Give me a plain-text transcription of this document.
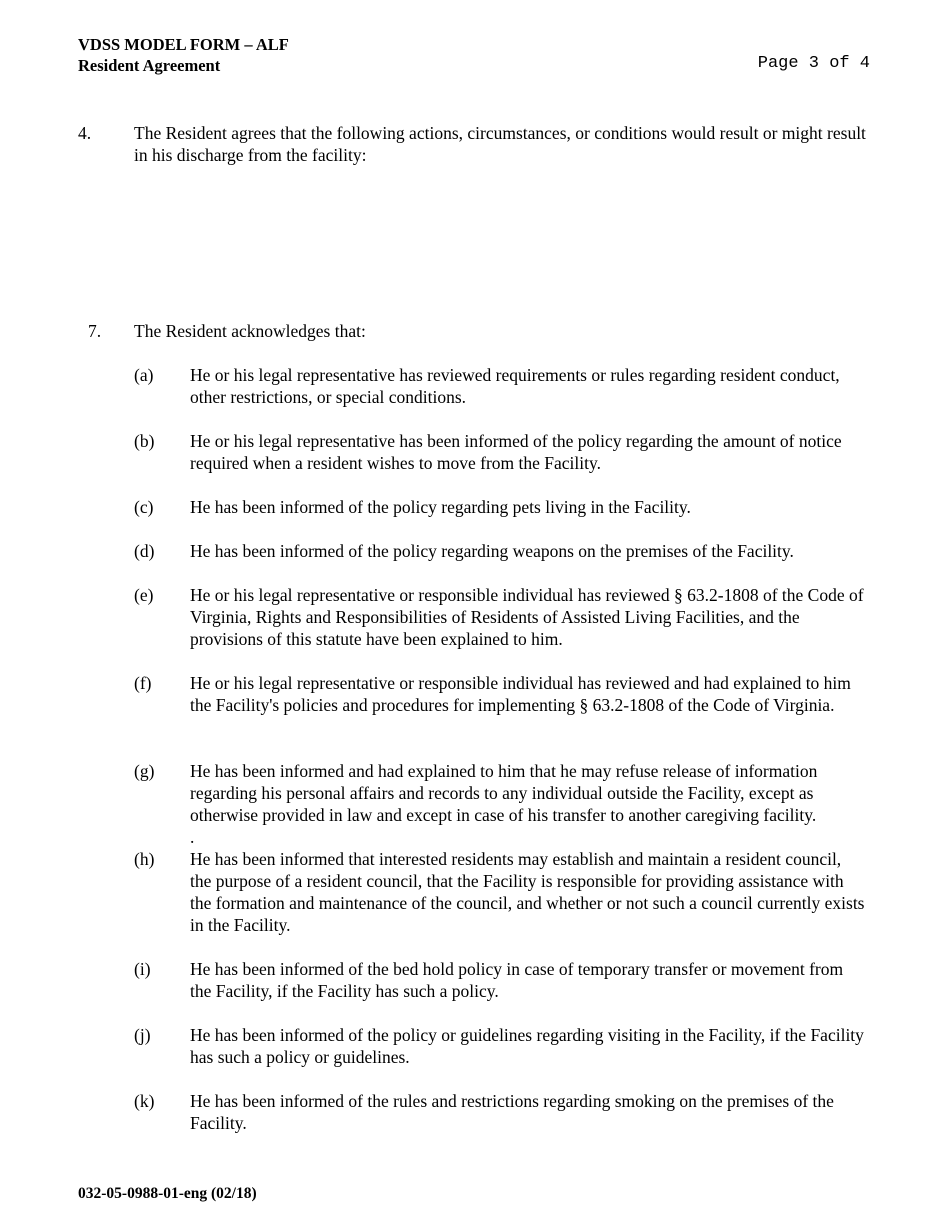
VDSS MODEL FORM – ALF
Resident Agreement	Page 3 of 4
4. The Resident agrees that the following actions, circumstances, or conditions would result or might result in his discharge from the facility:
7. The Resident acknowledges that:
(a) He or his legal representative has reviewed requirements or rules regarding resident conduct, other restrictions, or special conditions.
(b) He or his legal representative has been informed of the policy regarding the amount of notice required when a resident wishes to move from the Facility.
(c) He has been informed of the policy regarding pets living in the Facility.
(d) He has been informed of the policy regarding weapons on the premises of the Facility.
(e) He or his legal representative or responsible individual has reviewed § 63.2-1808 of the Code of Virginia, Rights and Responsibilities of Residents of Assisted Living Facilities, and the provisions of this statute have been explained to him.
(f) He or his legal representative or responsible individual has reviewed and had explained to him the Facility's policies and procedures for implementing § 63.2-1808 of the Code of Virginia.
(g) He has been informed and had explained to him that he may refuse release of information regarding his personal affairs and records to any individual outside the Facility, except as otherwise provided in law and except in case of his transfer to another caregiving facility.
.
(h) He has been informed that interested residents may establish and maintain a resident council, the purpose of a resident council, that the Facility is responsible for providing assistance with the formation and maintenance of the council, and whether or not such a council currently exists in the Facility.
(i) He has been informed of the bed hold policy in case of temporary transfer or movement from the Facility, if the Facility has such a policy.
(j) He has been informed of the policy or guidelines regarding visiting in the Facility, if the Facility has such a policy or guidelines.
(k) He has been informed of the rules and restrictions regarding smoking on the premises of the Facility.
032-05-0988-01-eng (02/18)
